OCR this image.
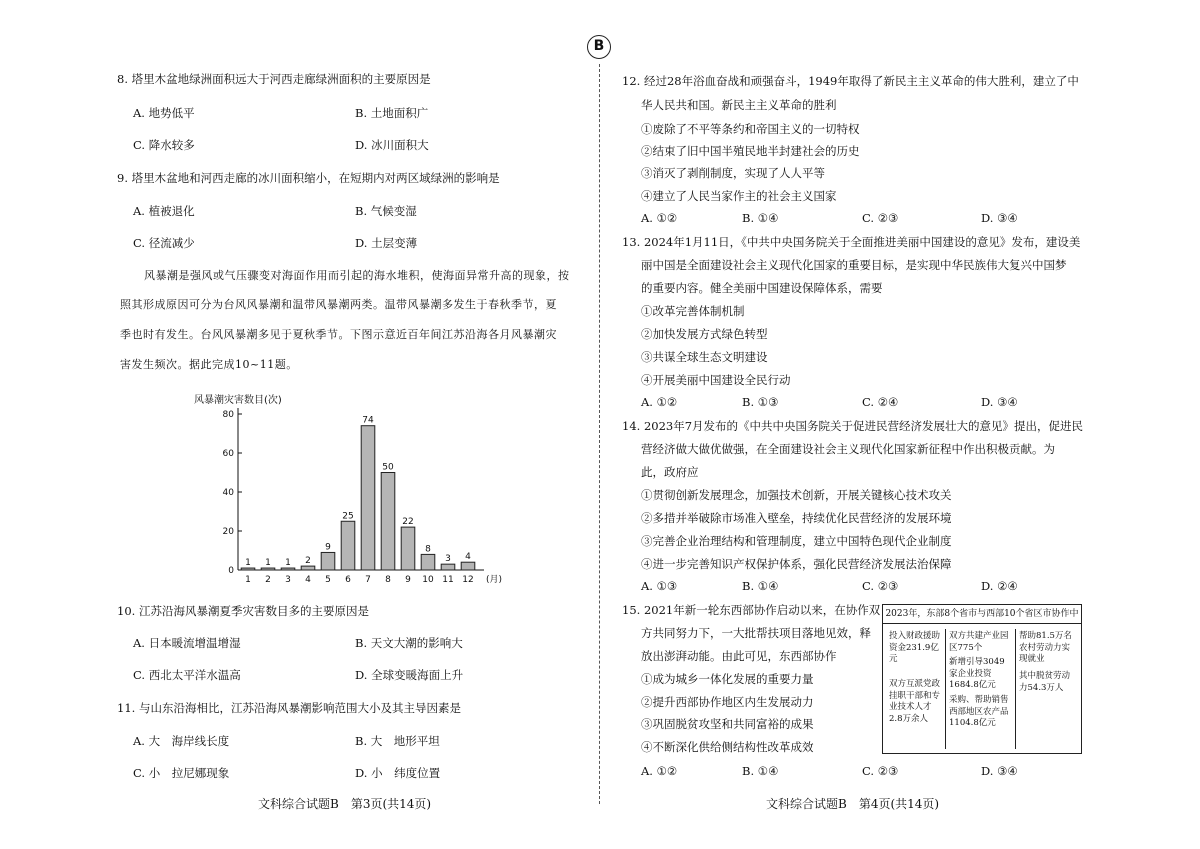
B
8. 塔里木盆地绿洲面积远大于河西走廊绿洲面积的主要原因是
A. 地势低平	B. 土地面积广
C. 降水较多	D. 冰川面积大
9. 塔里木盆地和河西走廊的冰川面积缩小，在短期内对两区域绿洲的影响是
A. 植被退化	B. 气候变湿
C. 径流减少	D. 土层变薄
风暴潮是强风或气压骤变对海面作用而引起的海水堆积，使海面异常升高的现象，按
照其形成原因可分为台风风暴潮和温带风暴潮两类。温带风暴潮多发生于春秋季节，夏
季也时有发生。台风风暴潮多见于夏秋季节。下图示意近百年间江苏沿海各月风暴潮灾
害发生频次。据此完成10~11题。
风暴潮灾害数目(次)
0
20
40
60
80
1
1
1
2
1
3
2
4
9
5
25
6
74
7
50
8
22
9
8
10
3
11
4
12 (月)
10. 江苏沿海风暴潮夏季灾害数目多的主要原因是
A. 日本暖流增温增湿	B. 天文大潮的影响大
C. 西北太平洋水温高	D. 全球变暖海面上升
11. 与山东沿海相比，江苏沿海风暴潮影响范围大小及其主导因素是
A. 大　海岸线长度	B. 大　地形平坦
C. 小　拉尼娜现象	D. 小　纬度位置
文科综合试题B　第3页(共14页)
12. 经过28年浴血奋战和顽强奋斗，1949年取得了新民主主义革命的伟大胜利，建立了中
华人民共和国。新民主主义革命的胜利
①废除了不平等条约和帝国主义的一切特权
②结束了旧中国半殖民地半封建社会的历史
③消灭了剥削制度，实现了人人平等
④建立了人民当家作主的社会主义国家
A. ①②	B. ①④	C. ②③	D. ③④
13. 2024年1月11日，《中共中央国务院关于全面推进美丽中国建设的意见》发布，建设美
丽中国是全面建设社会主义现代化国家的重要目标，是实现中华民族伟大复兴中国梦
的重要内容。健全美丽中国建设保障体系，需要
①改革完善体制机制
②加快发展方式绿色转型
③共谋全球生态文明建设
④开展美丽中国建设全民行动
A. ①②	B. ①③	C. ②④	D. ③④
14. 2023年7月发布的《中共中央国务院关于促进民营经济发展壮大的意见》提出，促进民
营经济做大做优做强，在全面建设社会主义现代化国家新征程中作出积极贡献。为
此，政府应
①贯彻创新发展理念，加强技术创新，开展关键核心技术攻关
②多措并举破除市场准入壁垒，持续优化民营经济的发展环境
③完善企业治理结构和管理制度，建立中国特色现代企业制度
④进一步完善知识产权保护体系，强化民营经济发展法治保障
A. ①③	B. ①④	C. ②③	D. ②④
15. 2021年新一轮东西部协作启动以来，在协作双
方共同努力下，一大批帮扶项目落地见效，释
放出澎湃动能。由此可见，东西部协作
①成为城乡一体化发展的重要力量
②提升西部协作地区内生发展动力
③巩固脱贫攻坚和共同富裕的成果
④不断深化供给侧结构性改革成效
A. ①②	B. ①④	C. ②③	D. ③④
2023年，东部8个省市与西部10个省区市协作中
投入财政援助资金231.9亿元
双方互派党政挂职干部和专业技术人才2.8万余人
双方共建产业园区775个
新增引导3049家企业投资1684.8亿元
采购、帮助销售西部地区农产品1104.8亿元
帮助81.5万名农村劳动力实现就业
其中脱贫劳动力54.3万人
文科综合试题B　第4页(共14页)
